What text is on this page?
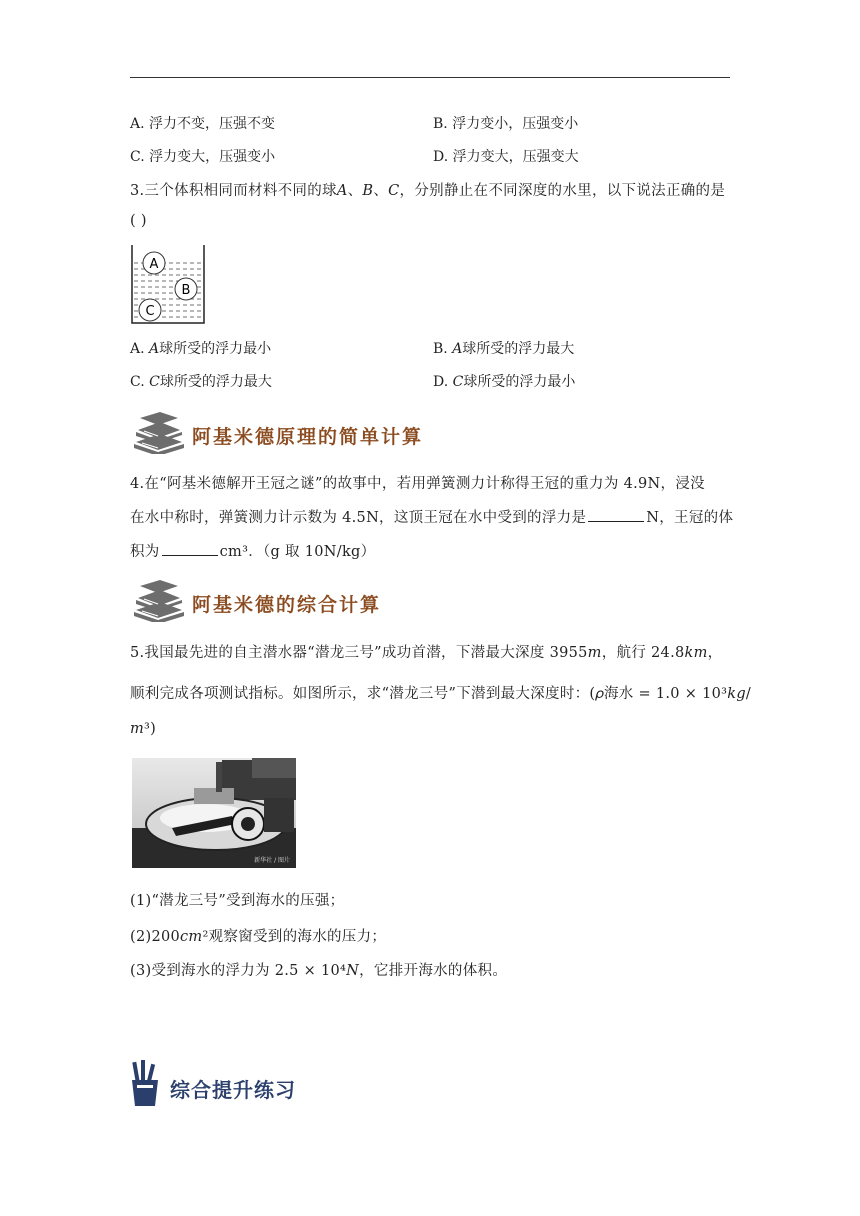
A. 浮力不变，压强不变	B. 浮力变小，压强变小
C. 浮力变大，压强变小	D. 浮力变大，压强变大
3.三个体积相同而材料不同的球𝐴、𝐵、𝐶，分别静止在不同深度的水里，以下说法正确的是
( )
A
B
C
A. 𝐴球所受的浮力最小	B. 𝐴球所受的浮力最大
C. 𝐶球所受的浮力最大	D. 𝐶球所受的浮力最小
阿基米德原理的简单计算
4.在“阿基米德解开王冠之谜”的故事中，若用弹簧测力计称得王冠的重力为 4.9N，浸没
在水中称时，弹簧测力计示数为 4.5N，这顶王冠在水中受到的浮力是	N，王冠的体
积为	cm³．（g 取 10N/kg）
阿基米德的综合计算
5.我国最先进的自主潜水器“潜龙三号”成功首潜，下潜最大深度 3955𝑚，航行 24.8𝑘𝑚，
顺利完成各项测试指标。如图所示，求“潜龙三号”下潜到最大深度时：(𝜌海水 = 1.0 × 10³𝑘𝑔/
𝑚³)
新华社 / 图片
(1)“潜龙三号”受到海水的压强；
(2)200𝑐𝑚²观察窗受到的海水的压力；
(3)受到海水的浮力为 2.5 × 10⁴𝑁，它排开海水的体积。
综合提升练习
